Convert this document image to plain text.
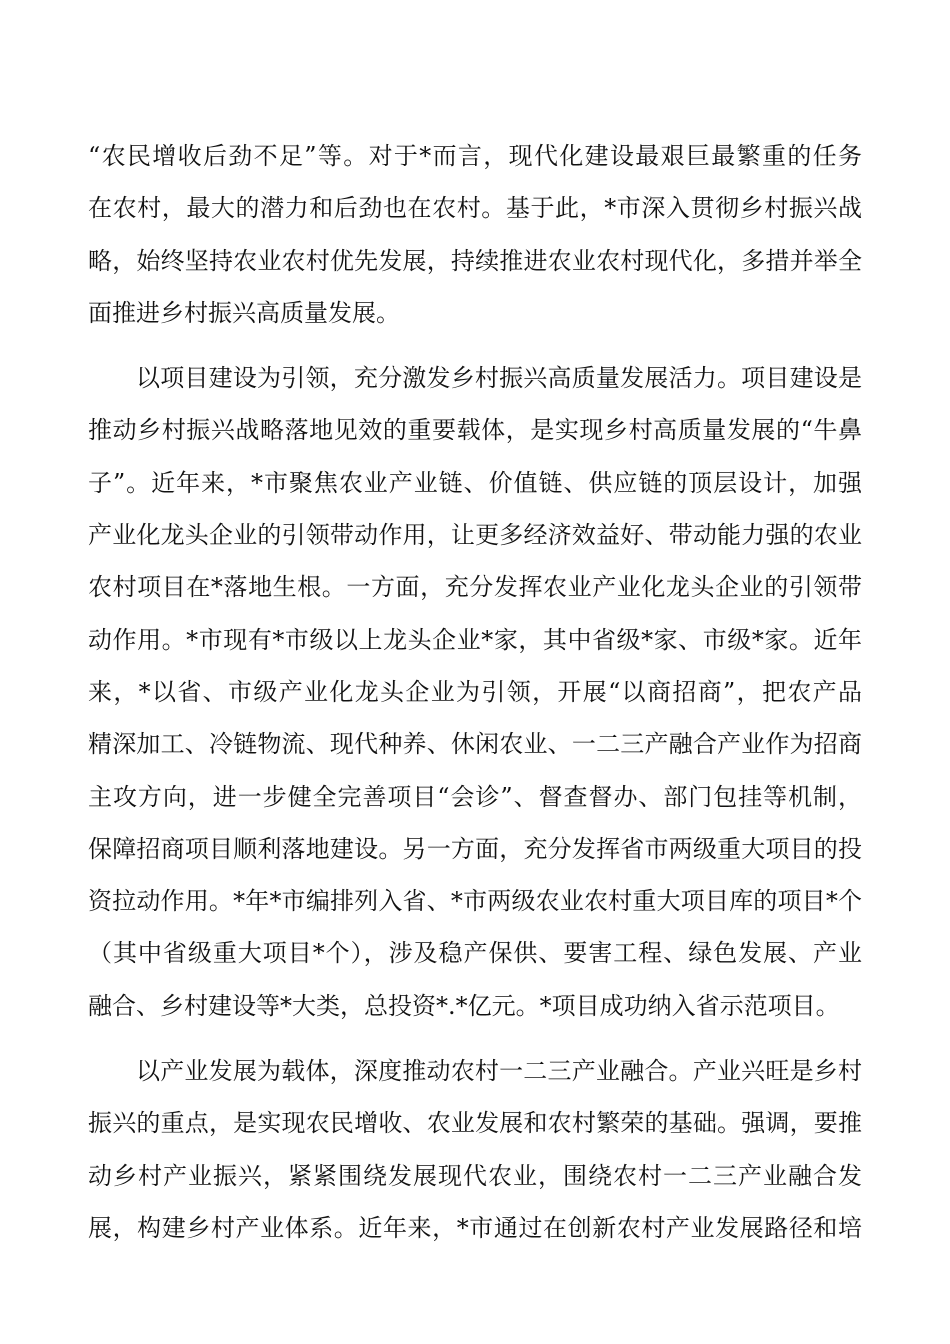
“农民增收后劲不足”等。对于*而言，现代化建设最艰巨最繁重的任务
在农村，最大的潜力和后劲也在农村。基于此，*市深入贯彻乡村振兴战
略，始终坚持农业农村优先发展，持续推进农业农村现代化，多措并举全
面推进乡村振兴高质量发展。
以项目建设为引领，充分激发乡村振兴高质量发展活力。项目建设是
推动乡村振兴战略落地见效的重要载体，是实现乡村高质量发展的“牛鼻
子”。近年来，*市聚焦农业产业链、价值链、供应链的顶层设计，加强
产业化龙头企业的引领带动作用，让更多经济效益好、带动能力强的农业
农村项目在*落地生根。一方面，充分发挥农业产业化龙头企业的引领带
动作用。*市现有*市级以上龙头企业*家，其中省级*家、市级*家。近年
来，*以省、市级产业化龙头企业为引领，开展“以商招商”，把农产品
精深加工、冷链物流、现代种养、休闲农业、一二三产融合产业作为招商
主攻方向，进一步健全完善项目“会诊”、督查督办、部门包挂等机制，
保障招商项目顺利落地建设。另一方面，充分发挥省市两级重大项目的投
资拉动作用。*年*市编排列入省、*市两级农业农村重大项目库的项目*个
（其中省级重大项目*个），涉及稳产保供、要害工程、绿色发展、产业
融合、乡村建设等*大类，总投资*.*亿元。*项目成功纳入省示范项目。
以产业发展为载体，深度推动农村一二三产业融合。产业兴旺是乡村
振兴的重点，是实现农民增收、农业发展和农村繁荣的基础。强调，要推
动乡村产业振兴，紧紧围绕发展现代农业，围绕农村一二三产业融合发
展，构建乡村产业体系。近年来，*市通过在创新农村产业发展路径和培
